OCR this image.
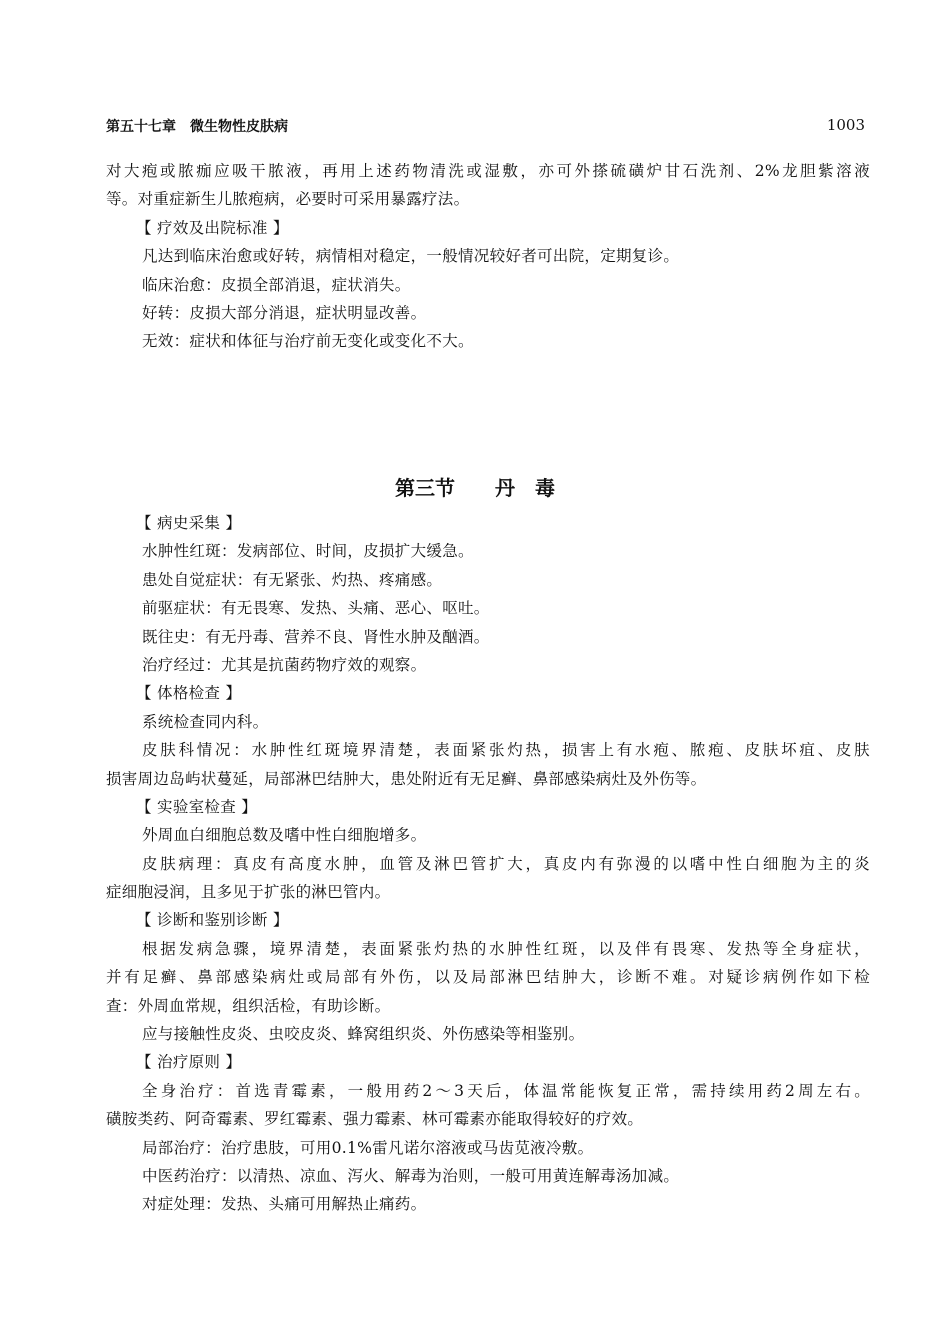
第五十七章　微生物性皮肤病	1003
对大疱或脓痂应吸干脓液，再用上述药物清洗或湿敷，亦可外搽硫磺炉甘石洗剂、2%龙胆紫溶液
等。对重症新生儿脓疱病，必要时可采用暴露疗法。
【 疗效及出院标准 】
凡达到临床治愈或好转，病情相对稳定，一般情况较好者可出院，定期复诊。
临床治愈：皮损全部消退，症状消失。
好转：皮损大部分消退，症状明显改善。
无效：症状和体征与治疗前无变化或变化不大。
第三节　　丹　毒
【 病史采集 】
水肿性红斑：发病部位、时间，皮损扩大缓急。
患处自觉症状：有无紧张、灼热、疼痛感。
前驱症状：有无畏寒、发热、头痛、恶心、呕吐。
既往史：有无丹毒、营养不良、肾性水肿及酗酒。
治疗经过：尤其是抗菌药物疗效的观察。
【 体格检查 】
系统检查同内科。
皮肤科情况：水肿性红斑境界清楚，表面紧张灼热，损害上有水疱、脓疱、皮肤坏疽、皮肤
损害周边岛屿状蔓延，局部淋巴结肿大，患处附近有无足癣、鼻部感染病灶及外伤等。
【 实验室检查 】
外周血白细胞总数及嗜中性白细胞增多。
皮肤病理：真皮有高度水肿，血管及淋巴管扩大，真皮内有弥漫的以嗜中性白细胞为主的炎
症细胞浸润，且多见于扩张的淋巴管内。
【 诊断和鉴别诊断 】
根据发病急骤，境界清楚，表面紧张灼热的水肿性红斑，以及伴有畏寒、发热等全身症状，
并有足癣、鼻部感染病灶或局部有外伤，以及局部淋巴结肿大，诊断不难。对疑诊病例作如下检
查：外周血常规，组织活检，有助诊断。
应与接触性皮炎、虫咬皮炎、蜂窝组织炎、外伤感染等相鉴别。
【 治疗原则 】
全身治疗：首选青霉素，一般用药2～3天后，体温常能恢复正常，需持续用药2周左右。
磺胺类药、阿奇霉素、罗红霉素、强力霉素、林可霉素亦能取得较好的疗效。
局部治疗：治疗患肢，可用0.1%雷凡诺尔溶液或马齿苋液冷敷。
中医药治疗：以清热、凉血、泻火、解毒为治则，一般可用黄连解毒汤加减。
对症处理：发热、头痛可用解热止痛药。
